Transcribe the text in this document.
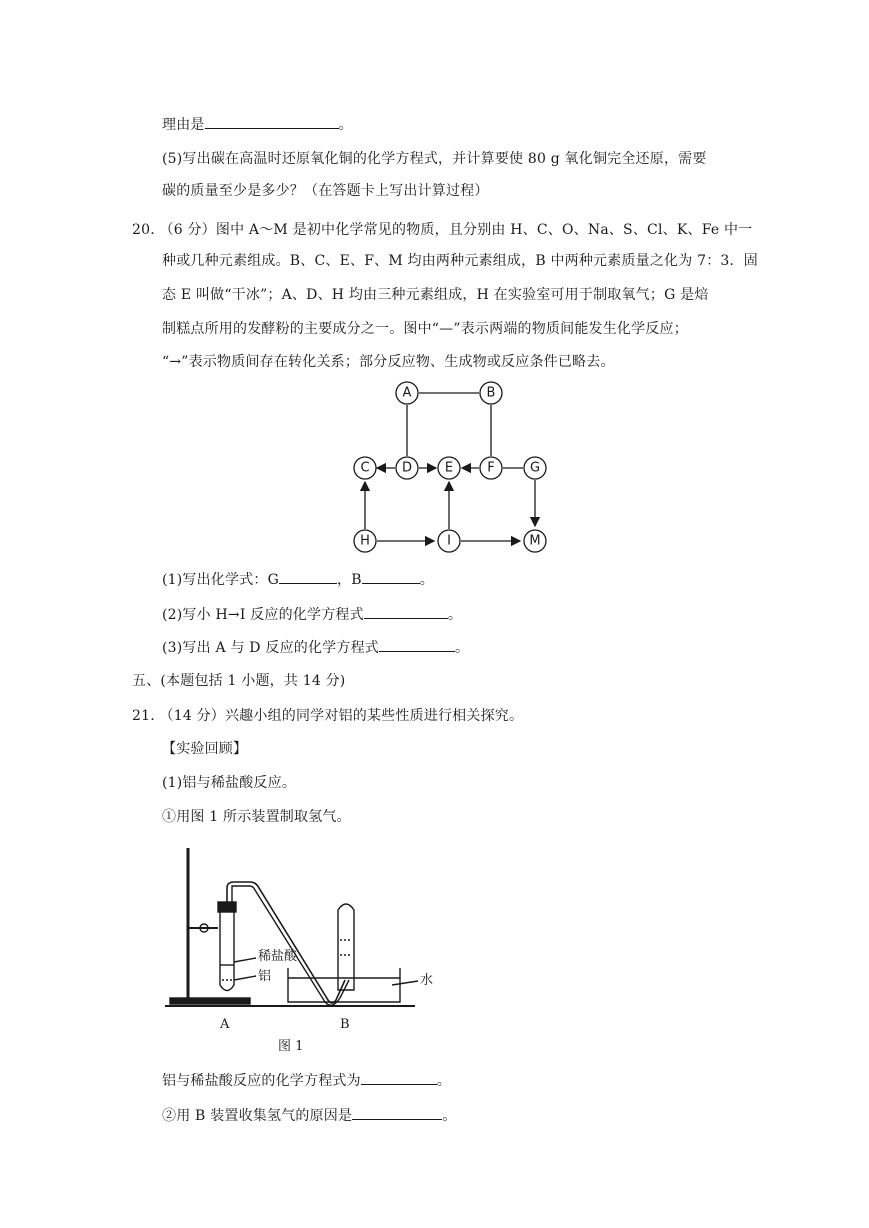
理由是	。
(5)写出碳在高温时还原氧化铜的化学方程式，并计算要使 80 g 氧化铜完全还原，需要
碳的质量至少是多少？（在答题卡上写出计算过程）
20. （6 分）图中 A～M 是初中化学常见的物质，且分别由 H、C、O、Na、S、Cl、K、Fe 中一
种或几种元素组成。B、C、E、F、M 均由两种元素组成，B 中两种元素质量之化为 7：3．固
态 E 叫做“干冰”；A、D、H 均由三种元素组成，H 在实验室可用于制取氧气；G 是焙
制糕点所用的发酵粉的主要成分之一。图中“—”表示两端的物质间能发生化学反应；
“→”表示物质间存在转化关系；部分反应物、生成物或反应条件已略去。
A	B
C D	E	F	G
H	I	M
(1)写出化学式：G	，B	。
(2)写小 H→I 反应的化学方程式	。
(3)写出 A 与 D 反应的化学方程式	。
五、(本题包括 1 小题，共 14 分)
21. （14 分）兴趣小组的同学对铝的某些性质进行相关探究。
【实验回顾】
(1)铝与稀盐酸反应。
①用图 1 所示装置制取氢气。
稀盐酸
铝	水
A	B
图 1
铝与稀盐酸反应的化学方程式为	。
②用 B 装置收集氢气的原因是	。
